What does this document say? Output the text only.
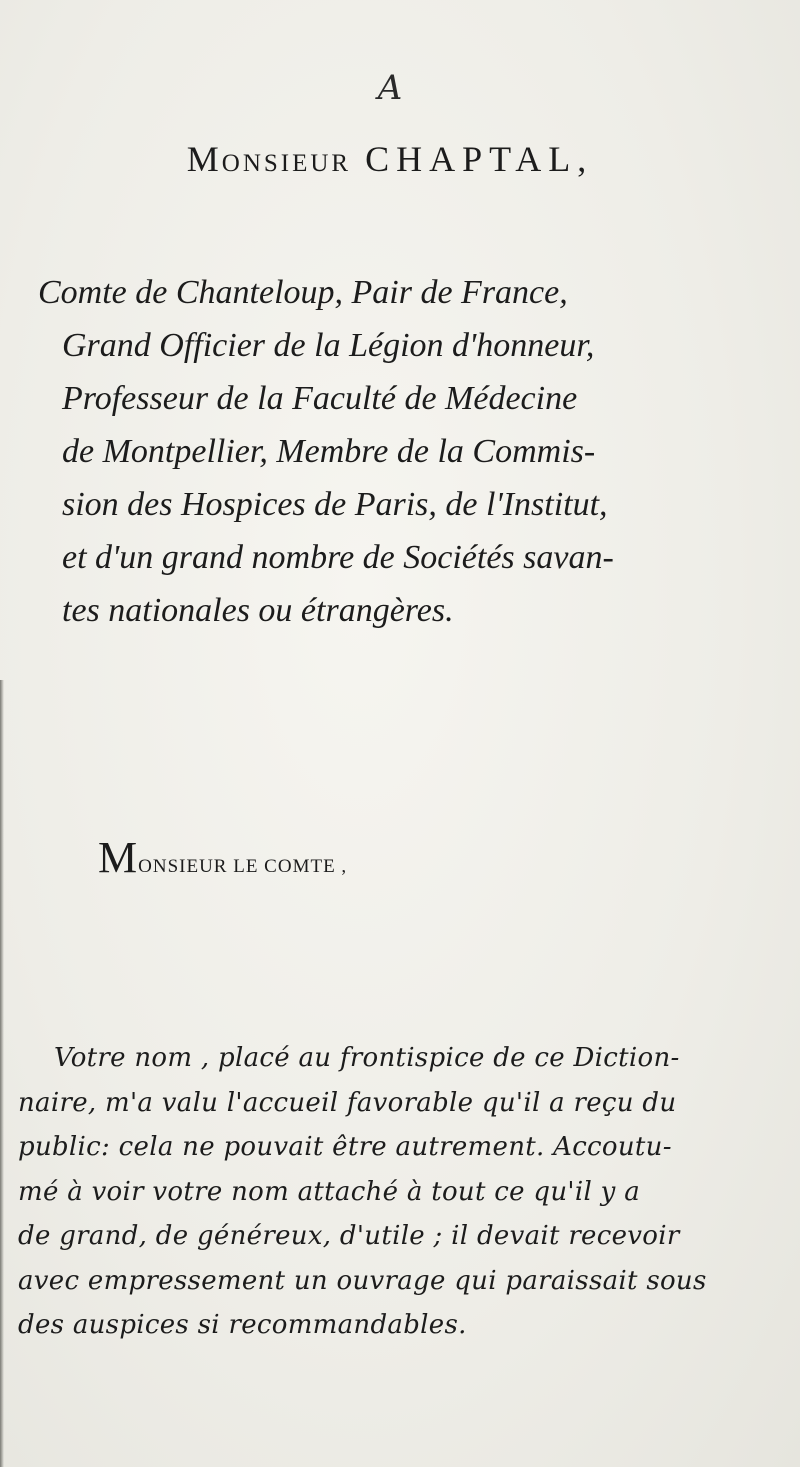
A
Monsieur CHAPTAL,
Comte de Chanteloup, Pair de France,
Grand Officier de la Légion d'honneur,
Professeur de la Faculté de Médecine
de Montpellier, Membre de la Commis-
sion des Hospices de Paris, de l'Institut,
et d'un grand nombre de Sociétés savan-
tes nationales ou étrangères.
MONSIEUR LE COMTE ,
Votre nom , placé au frontispice de ce Diction-
naire, m'a valu l'accueil favorable qu'il a reçu du
public: cela ne pouvait être autrement. Accoutu-
mé à voir votre nom attaché à tout ce qu'il y a
de grand, de généreux, d'utile ; il devait recevoir
avec empressement un ouvrage qui paraissait sous
des auspices si recommandables.
